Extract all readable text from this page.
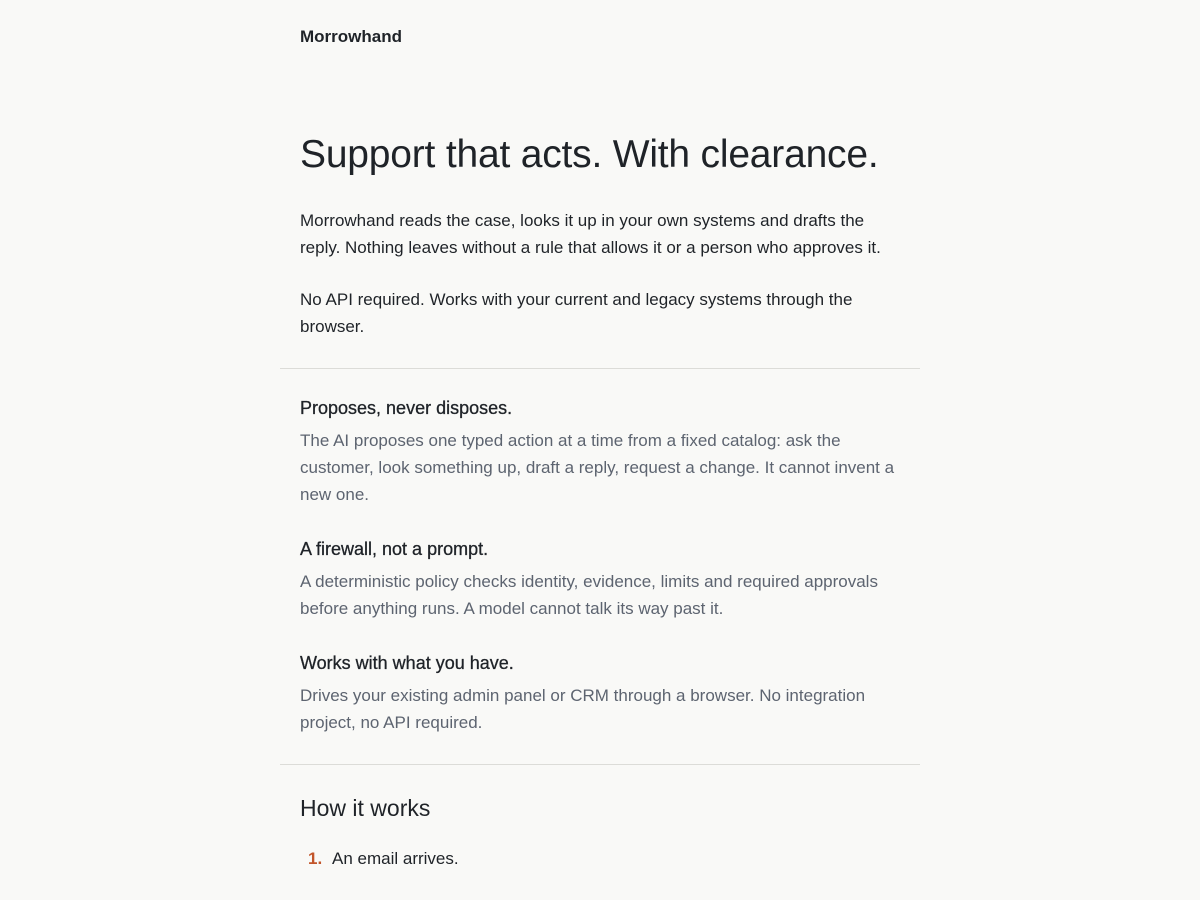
Morrowhand
Support that acts. With clearance.

Morrowhand reads the case, looks it up in your own systems and drafts the reply. Nothing leaves without a rule that allows it or a person who approves it.

No API required. Works with your current and legacy systems through the browser.

Proposes, never disposes.

The AI proposes one typed action at a time from a fixed catalog: ask the customer, look something up, draft a reply, request a change. It cannot invent a new one.

A firewall, not a prompt.

A deterministic policy checks identity, evidence, limits and required approvals before anything runs. A model cannot talk its way past it.

Works with what you have.

Drives your existing admin panel or CRM through a browser. No integration project, no API required.

How it works
1. An email arrives.
